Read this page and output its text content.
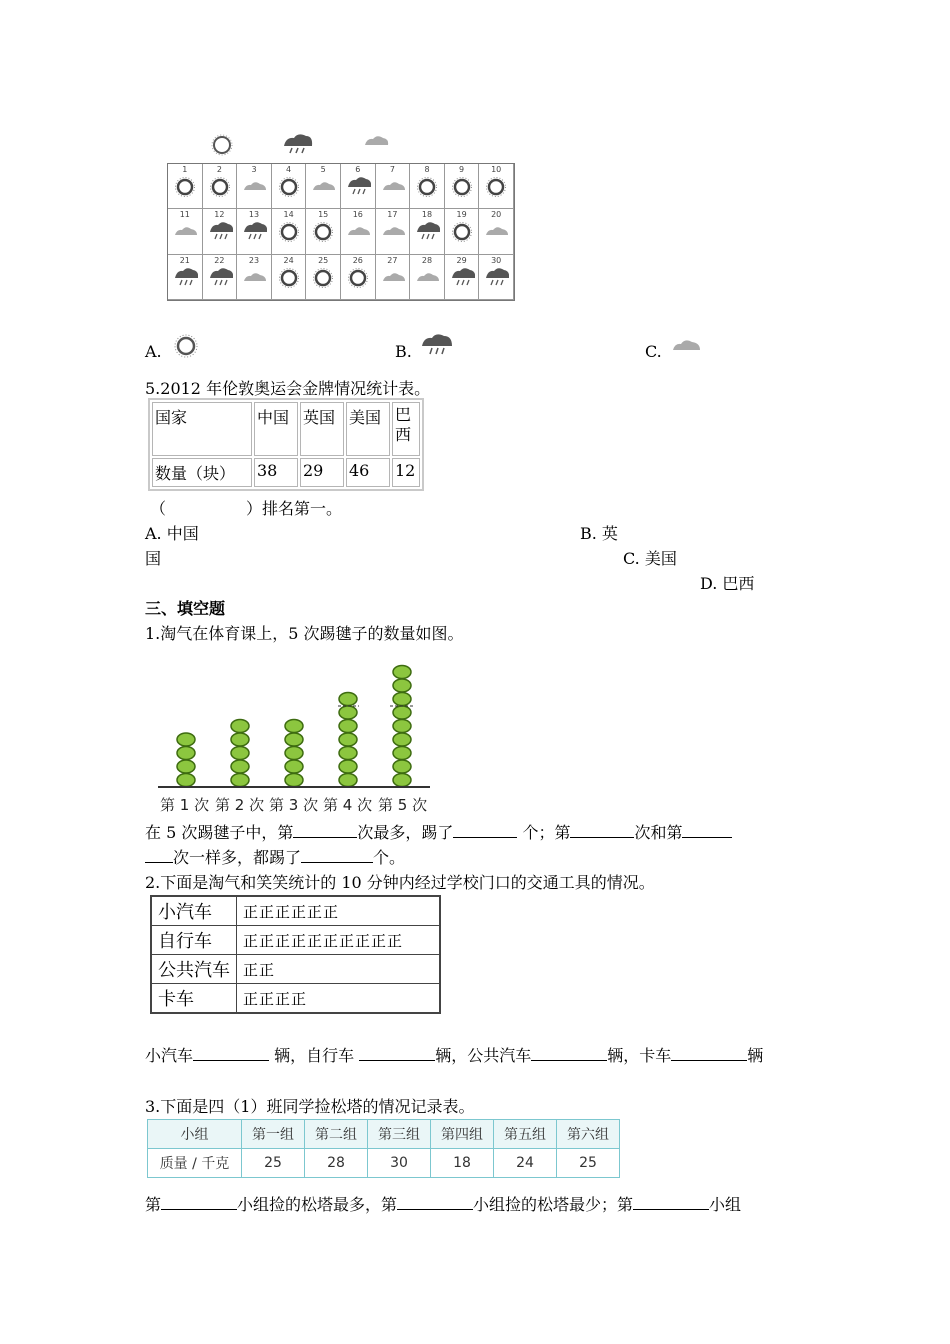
1	2	3	4	5	6	7	8	9	10
11	12	13	14	15	16	17	18	19	20
21	22	23	24	25	26	27	28	29	30
A.	B.	C.
5.2012 年伦敦奥运会金牌情况统计表。
国家	中国	英国	美国	巴西
数量（块）	38	29	46	12
（　　　　　）排名第一。
A. 中国	B. 英
国	C. 美国
D. 巴西
三、填空题
1.淘气在体育课上，5 次踢毽子的数量如图。
第 1 次 第 2 次 第 3 次 第 4 次 第 5 次
在 5 次踢毽子中，第	次最多，踢了	个；第	次和第
次一样多，都踢了	个。
2.下面是淘气和笑笑统计的 10 分钟内经过学校门口的交通工具的情况。
小汽车	正正正正正正
自行车	正正正正正正正正正正
公共汽车	正正
卡车	正正正正
小汽车	辆，自行车	辆，公共汽车	辆，卡车	辆
3.下面是四（1）班同学捡松塔的情况记录表。
小组	第一组	第二组	第三组	第四组	第五组	第六组
质量 / 千克	25	28	30	18	24	25
第	小组捡的松塔最多，第	小组捡的松塔最少；第	小组
